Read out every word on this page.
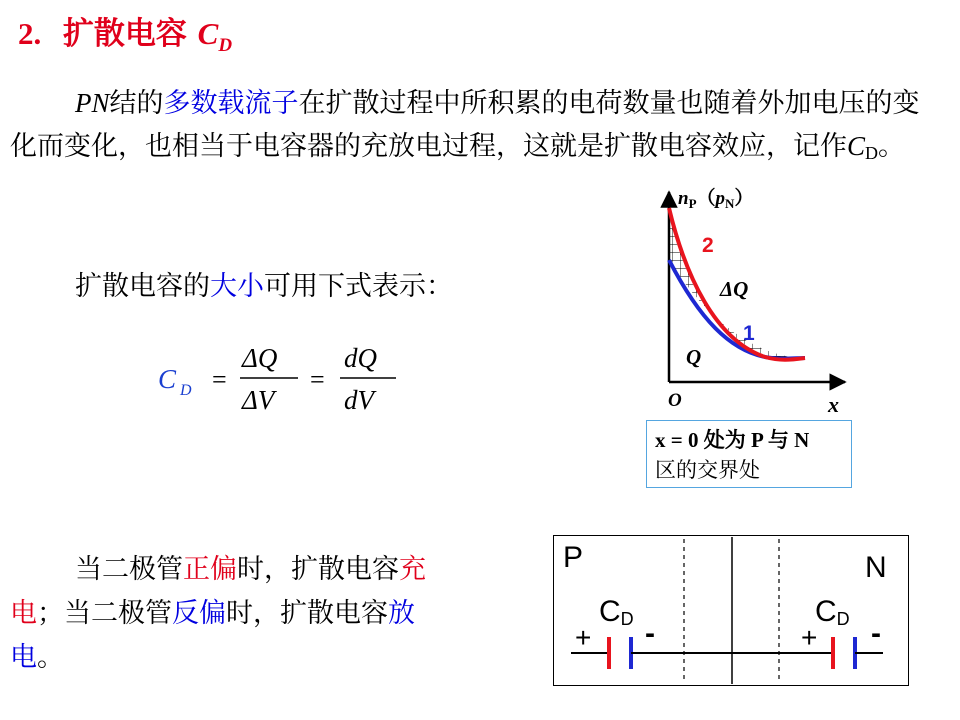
2. 扩散电容 $C_D$
PN结的多数载流子在扩散过程中所积累的电荷数量也随着外加电压的变化而变化，也相当于电容器的充放电过程，这就是扩散电容效应，记作$C_D$。
扩散电容的大小可用下式表示：
C D =
ΔQ
ΔV
=
dQ
dV
$n_P(p_N)$
2
ΔQ
1
Q
O	x
x = 0 处为 P 与 N
区的交界处
当二极管正偏时，扩散电容充电；当二极管反偏时，扩散电容放电。
P	N
CD
+ -
CD
+ -
